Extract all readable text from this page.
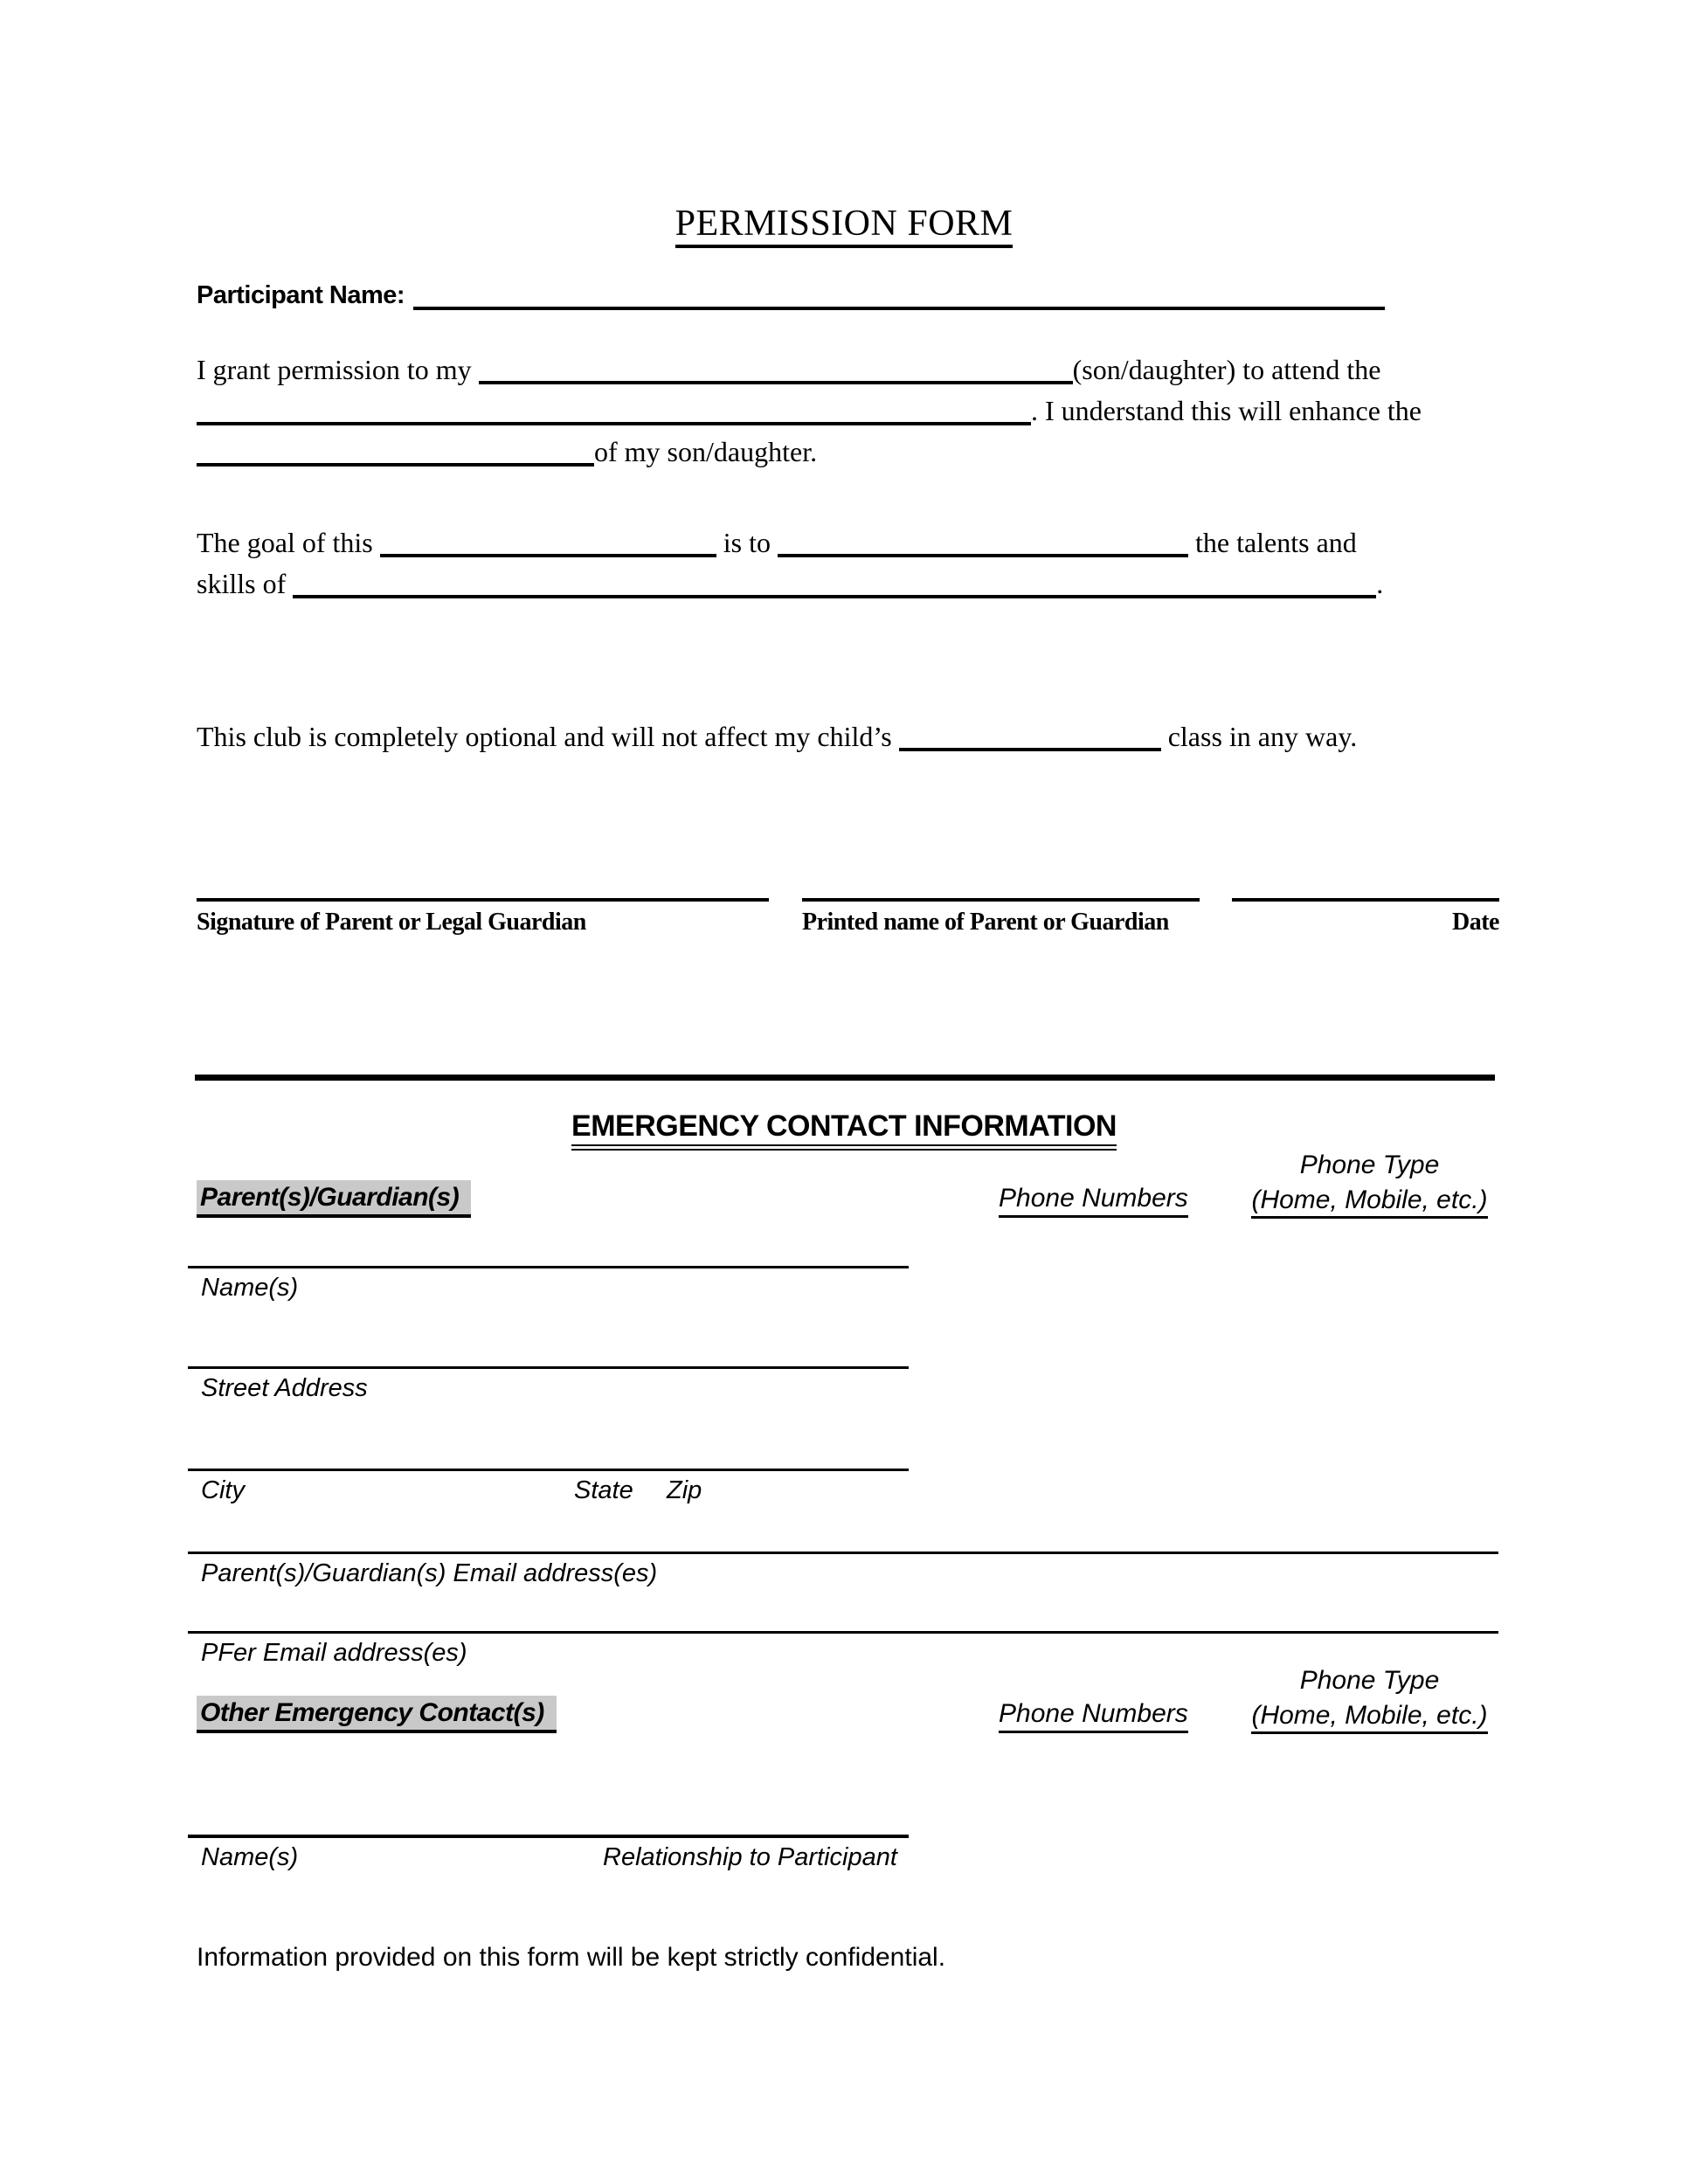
PERMISSION FORM
Participant Name:
I grant permission to my	(son/daughter) to attend the
. I understand this will enhance the
of my son/daughter.
The goal of this	is to	the talents and
skills of	.
This club is completely optional and will not affect my child’s	class in any way.
Signature of Parent or Legal Guardian	Printed name of Parent or Guardian	Date
EMERGENCY CONTACT INFORMATION
Parent(s)/Guardian(s)	Phone Numbers
Phone Type
(Home, Mobile, etc.)
Name(s)
Street Address
City	State Zip
Parent(s)/Guardian(s) Email address(es)
PFer Email address(es)
Other Emergency Contact(s)	Phone Numbers
Phone Type
(Home, Mobile, etc.)
Name(s)	Relationship to Participant
Information provided on this form will be kept strictly confidential.
